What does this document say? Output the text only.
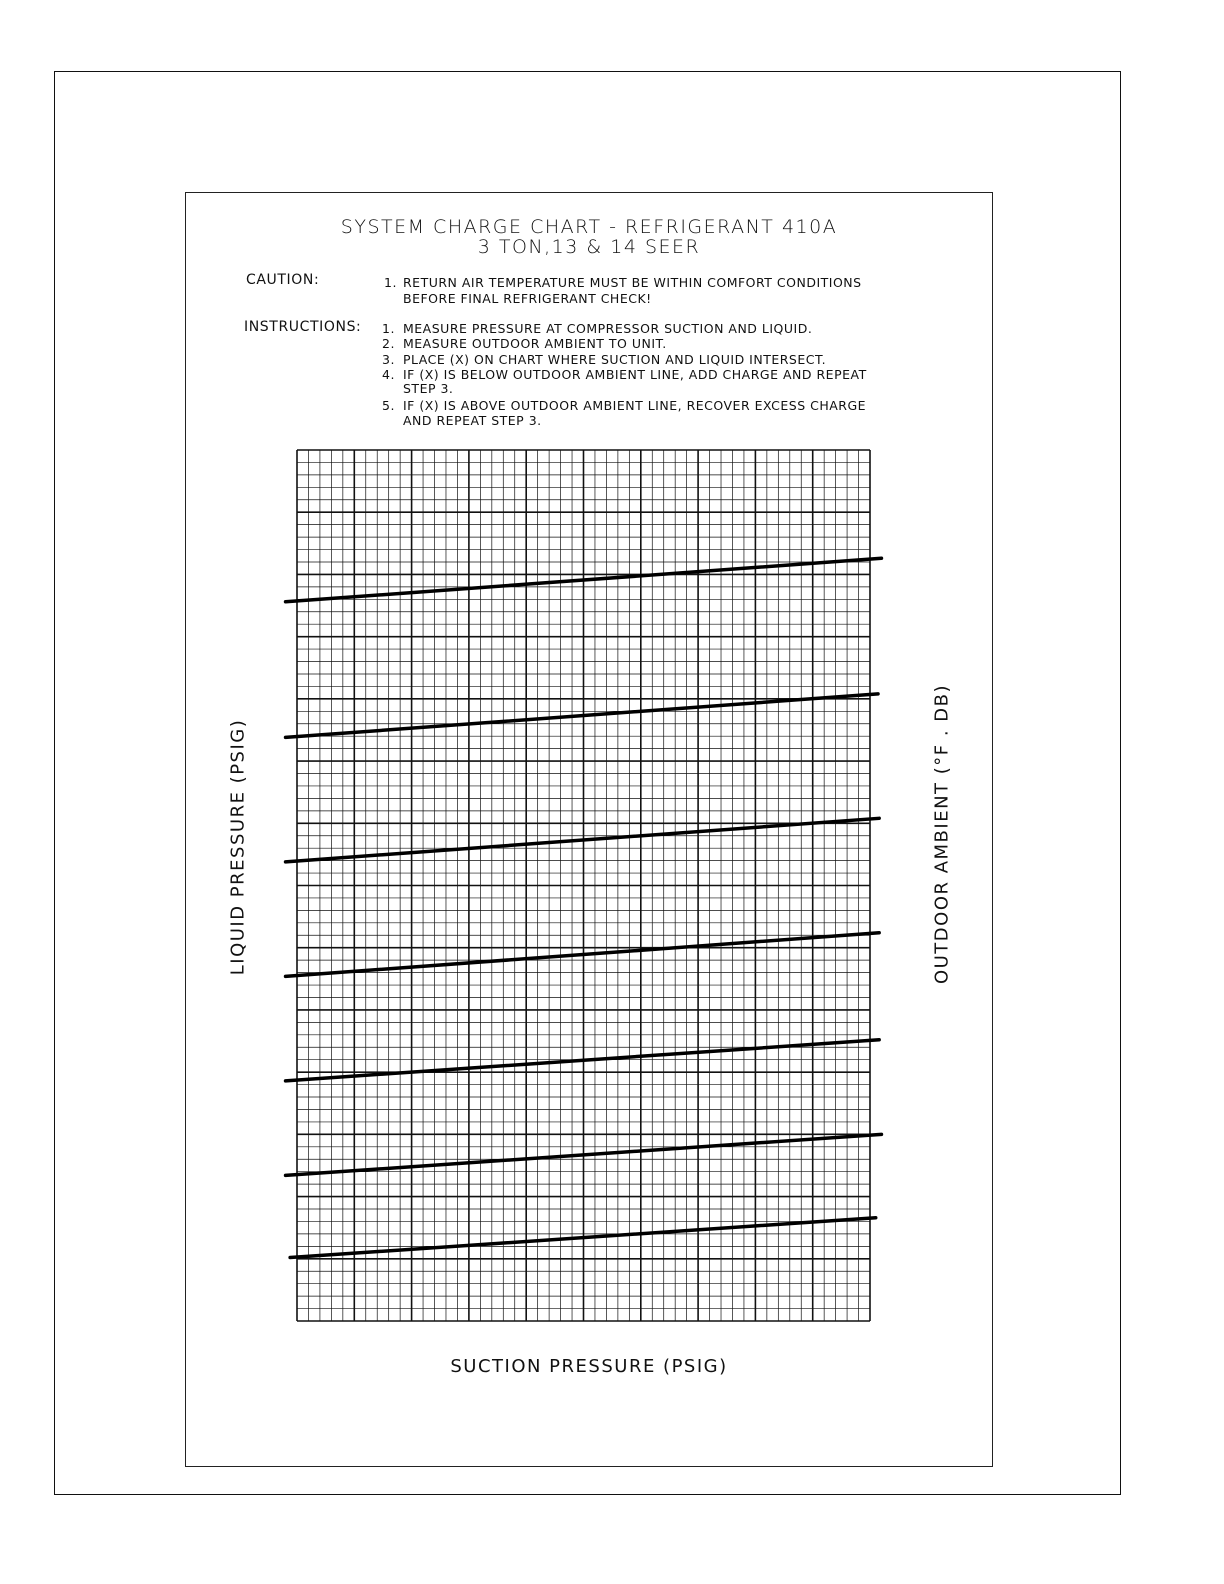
SYSTEM CHARGE CHART - REFRIGERANT 410A
3 TON,13 & 14 SEER
CAUTION:	1. RETURN AIR TEMPERATURE MUST BE WITHIN COMFORT CONDITIONS
BEFORE FINAL REFRIGERANT CHECK!
INSTRUCTIONS: 1. MEASURE PRESSURE AT COMPRESSOR SUCTION AND LIQUID.
2. MEASURE OUTDOOR AMBIENT TO UNIT.
3. PLACE (X) ON CHART WHERE SUCTION AND LIQUID INTERSECT.
4. IF (X) IS BELOW OUTDOOR AMBIENT LINE, ADD CHARGE AND REPEAT
STEP 3.
5. IF (X) IS ABOVE OUTDOOR AMBIENT LINE, RECOVER EXCESS CHARGE
AND REPEAT STEP 3.
SUCTION PRESSURE (PSIG)
LIQUID PRESSURE (PSIG)	OUTDOOR AMBIENT (°F . DB)
